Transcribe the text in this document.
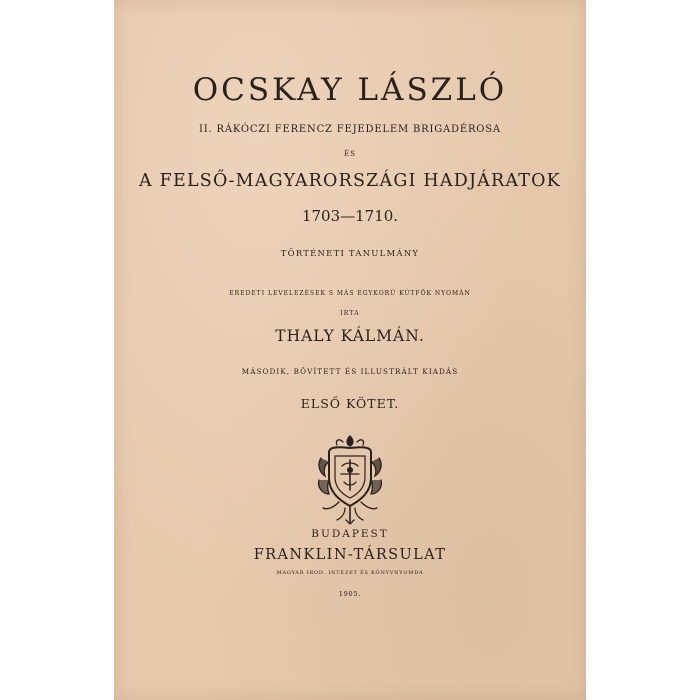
OCSKAY LÁSZLÓ
II. RÁKÓCZI FERENCZ FEJEDELEM BRIGADÉROSA
ÉS
A FELSŐ-MAGYARORSZÁGI HADJÁRATOK
1703—1710.
TÖRTÉNETI TANULMÁNY
EREDETI LEVELEZÉSEK S MÁS EGYKORÚ KÚTFŐK NYOMÁN
IRTA
THALY KÁLMÁN.
MÁSODIK, BŐVÍTETT ÉS ILLUSTRÁLT KIADÁS
ELSŐ KÖTET.
BUDAPEST
FRANKLIN-TÁRSULAT
MAGYAR IROD. INTÉZET ÉS KÖNYVNYOMDA
1905.
